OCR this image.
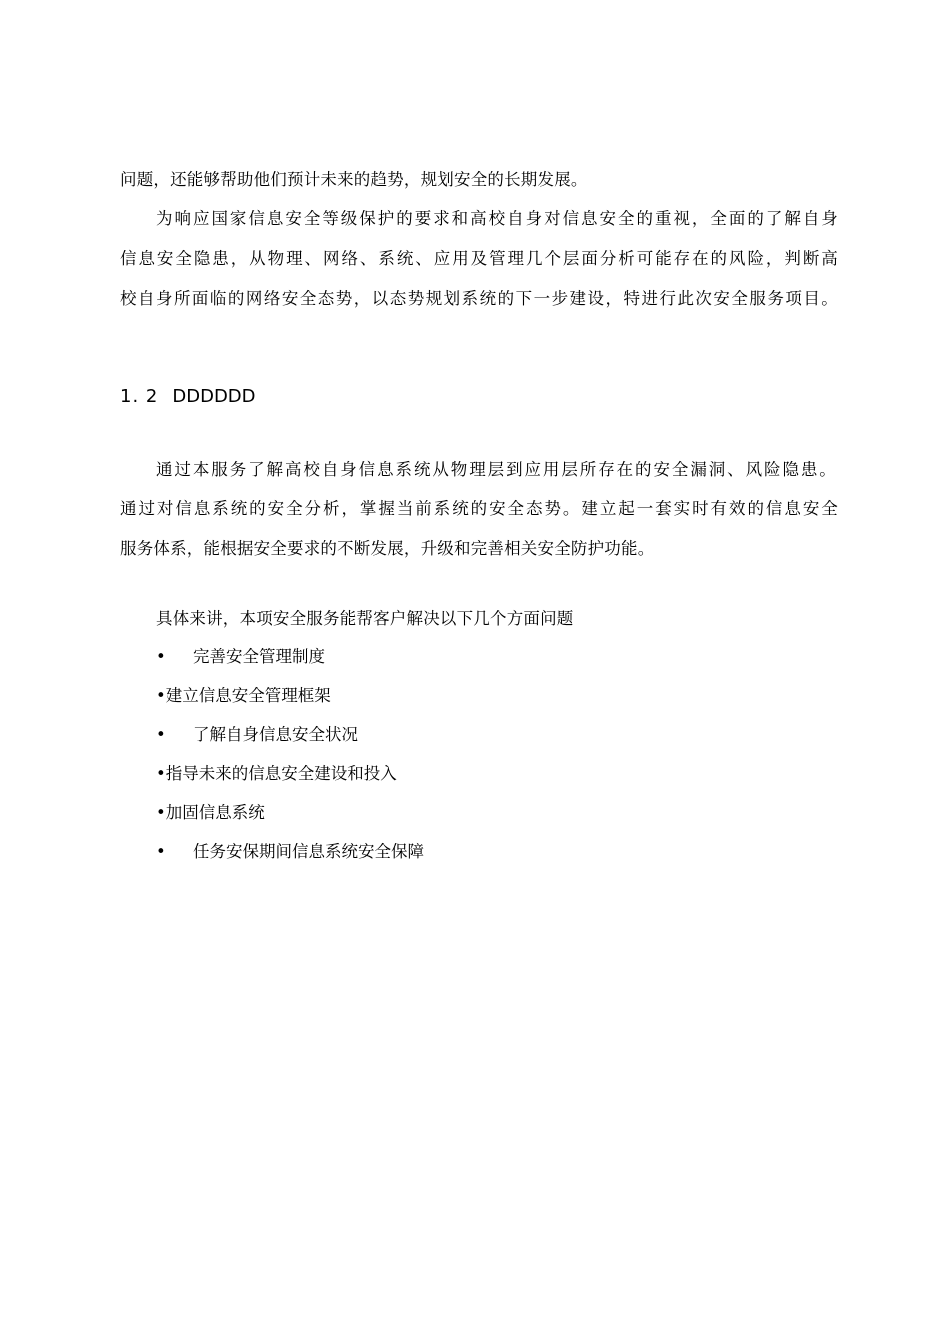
问题，还能够帮助他们预计未来的趋势，规划安全的长期发展。
为响应国家信息安全等级保护的要求和高校自身对信息安全的重视，全面的了解自身
信息安全隐患，从物理、网络、系统、应用及管理几个层面分析可能存在的风险，判断高
校自身所面临的网络安全态势，以态势规划系统的下一步建设，特进行此次安全服务项目。
1. 2 DDDDDD
通过本服务了解高校自身信息系统从物理层到应用层所存在的安全漏洞、风险隐患。
通过对信息系统的安全分析，掌握当前系统的安全态势。建立起一套实时有效的信息安全
服务体系，能根据安全要求的不断发展，升级和完善相关安全防护功能。
具体来讲，本项安全服务能帮客户解决以下几个方面问题
• 完善安全管理制度
•建立信息安全管理框架
• 了解自身信息安全状况
•指导未来的信息安全建设和投入
•加固信息系统
• 任务安保期间信息系统安全保障
